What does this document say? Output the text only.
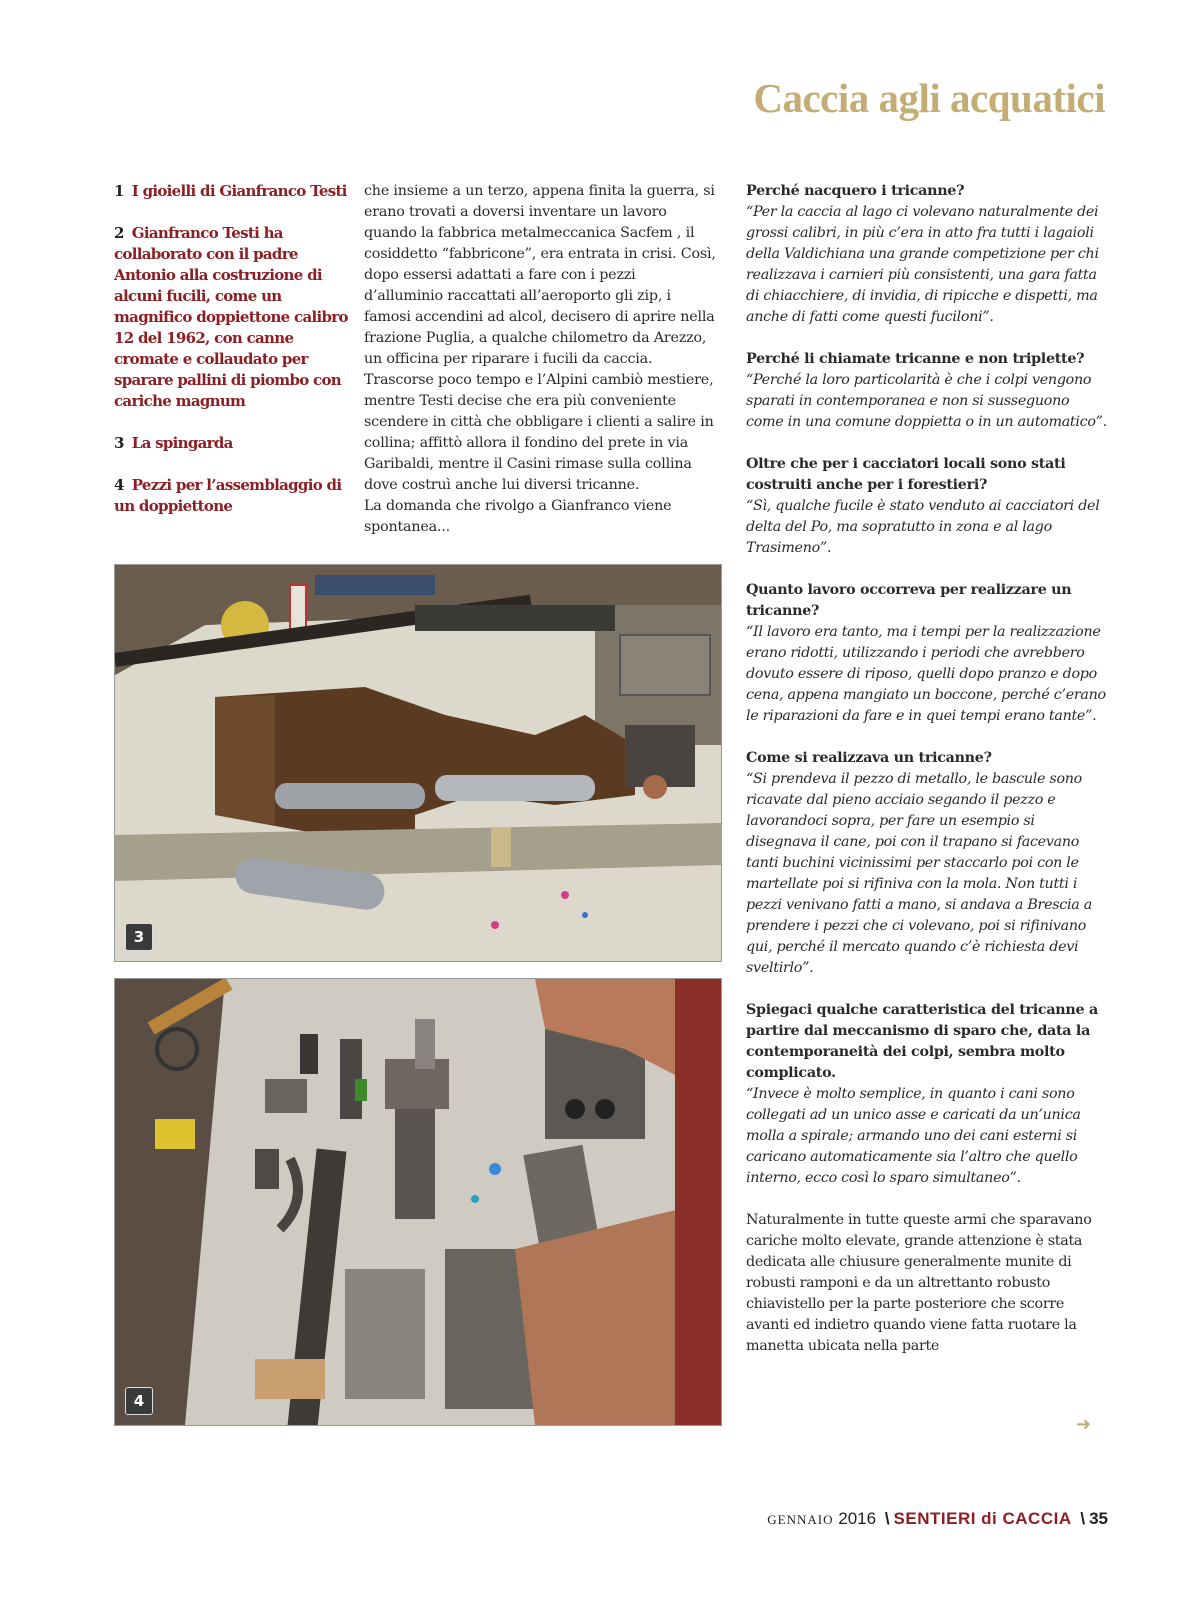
Caccia agli acquatici
1 I gioielli di Gianfranco Testi
2 Gianfranco Testi ha collaborato con il padre Antonio alla costruzione di alcuni fucili, come un magnifico doppiettone calibro 12 del 1962, con canne cromate e collaudato per sparare pallini di piombo con cariche magnum
3 La spingarda
4 Pezzi per l’assemblaggio di un doppiettone

che insieme a un terzo, appena finita la guerra, si erano trovati a doversi inventare un lavoro quando la fabbrica metalmeccanica Sacfem , il cosiddetto “fabbricone”, era entrata in crisi. Così, dopo essersi adattati a fare con i pezzi d’alluminio raccattati all’aeroporto gli zip, i famosi accendini ad alcol, decisero di aprire nella frazione Puglia, a qualche chilometro da Arezzo, un officina per riparare i fucili da caccia. Trascorse poco tempo e l’Alpini cambiò mestiere, mentre Testi decise che era più conveniente scendere in città che obbligare i clienti a salire in collina; affittò allora il fondino del prete in via Garibaldi, mentre il Casini rimase sulla collina dove costruì anche lui diversi tricanne.

La domanda che rivolgo a Gianfranco viene spontanea...

Perché nacquero i tricanne?

“Per la caccia al lago ci volevano naturalmente dei grossi calibri, in più c’era in atto fra tutti i lagaioli della Valdichiana una grande competizione per chi realizzava i carnieri più consistenti, una gara fatta di chiacchiere, di invidia, di ripicche e dispetti, ma anche di fatti come questi fuciloni”.

Perché li chiamate tricanne e non triplette?

“Perché la loro particolarità è che i colpi vengono sparati in contemporanea e non si susseguono come in una comune doppietta o in un automatico”.

Oltre che per i cacciatori locali sono stati costruiti anche per i forestieri?

“Sì, qualche fucile è stato venduto ai cacciatori del delta del Po, ma sopratutto in zona e al lago Trasimeno”.

Quanto lavoro occorreva per realizzare un tricanne?

“Il lavoro era tanto, ma i tempi per la realizzazione erano ridotti, utilizzando i periodi che avrebbero dovuto essere di riposo, quelli dopo pranzo e dopo cena, appena mangiato un boccone, perché c’erano le riparazioni da fare e in quei tempi erano tante”.

Come si realizzava un tricanne?

“Si prendeva il pezzo di metallo, le bascule sono ricavate dal pieno acciaio segando il pezzo e lavorandoci sopra, per fare un esempio si disegnava il cane, poi con il trapano si facevano tanti buchini vicinissimi per staccarlo poi con le martellate poi si rifiniva con la mola. Non tutti i pezzi venivano fatti a mano, si andava a Brescia a prendere i pezzi che ci volevano, poi si rifinivano qui, perché il mercato quando c’è richiesta devi sveltirlo”.

Spiegaci qualche caratteristica del tricanne a partire dal meccanismo di sparo che, data la contemporaneità dei colpi, sembra molto complicato.

“Invece è molto semplice, in quanto i cani sono collegati ad un unico asse e caricati da un’unica molla a spirale; armando uno dei cani esterni si caricano automaticamente sia l’altro che quello interno, ecco così lo sparo simultaneo”.

Naturalmente in tutte queste armi che sparavano cariche molto elevate, grande attenzione è stata dedicata alle chiusure generalmente munite di robusti ramponi e da un altrettanto robusto chiavistello per la parte posteriore che scorre avanti ed indietro quando viene fatta ruotare la manetta ubicata nella parte

➜
3
4
GENNAIO 2016 \ SENTIERI di CACCIA \ 35
